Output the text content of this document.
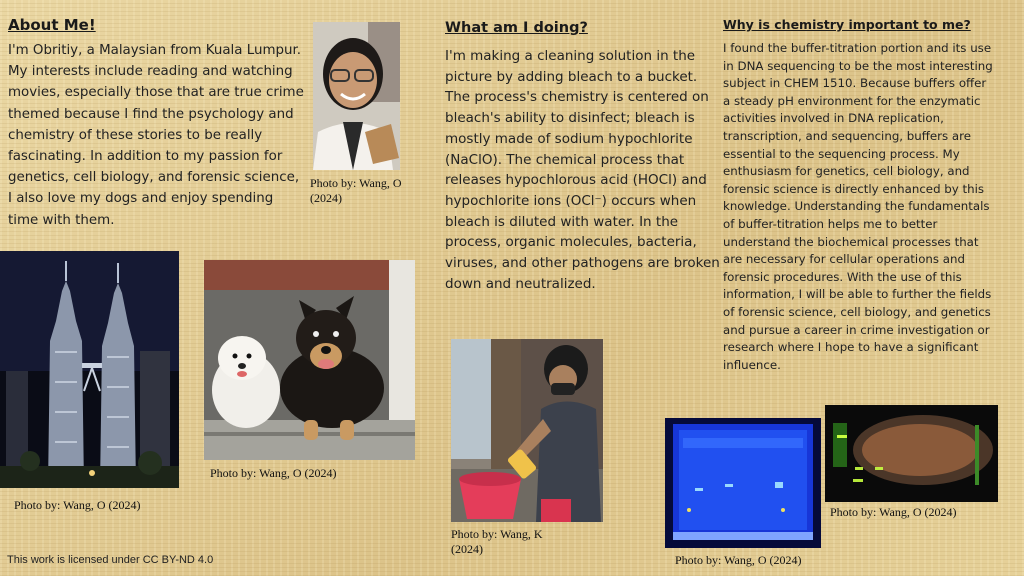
About Me!
I'm Obritiy, a Malaysian from Kuala Lumpur. My interests include reading and watching movies, especially those that are true crime themed because I find the psychology and chemistry of these stories to be really fascinating. In addition to my passion for genetics, cell biology, and forensic science, I also love my dogs and enjoy spending time with them.
Photo by: Wang, O (2024)
Photo by: Wang, O (2024)
Photo by: Wang, O (2024)
What am I doing?
I'm making a cleaning solution in the picture by adding bleach to a bucket. The process's chemistry is centered on bleach's ability to disinfect; bleach is mostly made of sodium hypochlorite (NaClO). The chemical process that releases hypochlorous acid (HOCl) and hypochlorite ions (OCl⁻) occurs when bleach is diluted with water. In the process, organic molecules, bacteria, viruses, and other pathogens are broken down and neutralized.
Photo by: Wang, K (2024)
Why is chemistry important to me?
I found the buffer-titration portion and its use in DNA sequencing to be the most interesting subject in CHEM 1510. Because buffers offer a steady pH environment for the enzymatic activities involved in DNA replication, transcription, and sequencing, buffers are essential to the sequencing process. My enthusiasm for genetics, cell biology, and forensic science is directly enhanced by this knowledge. Understanding the fundamentals of buffer-titration helps me to better understand the biochemical processes that are necessary for cellular operations and forensic procedures. With the use of this information, I will be able to further the fields of forensic science, cell biology, and genetics and pursue a career in crime investigation or research where I hope to have a significant influence.
Photo by: Wang, O (2024)
Photo by: Wang, O (2024)
This work is licensed under CC BY-ND 4.0
